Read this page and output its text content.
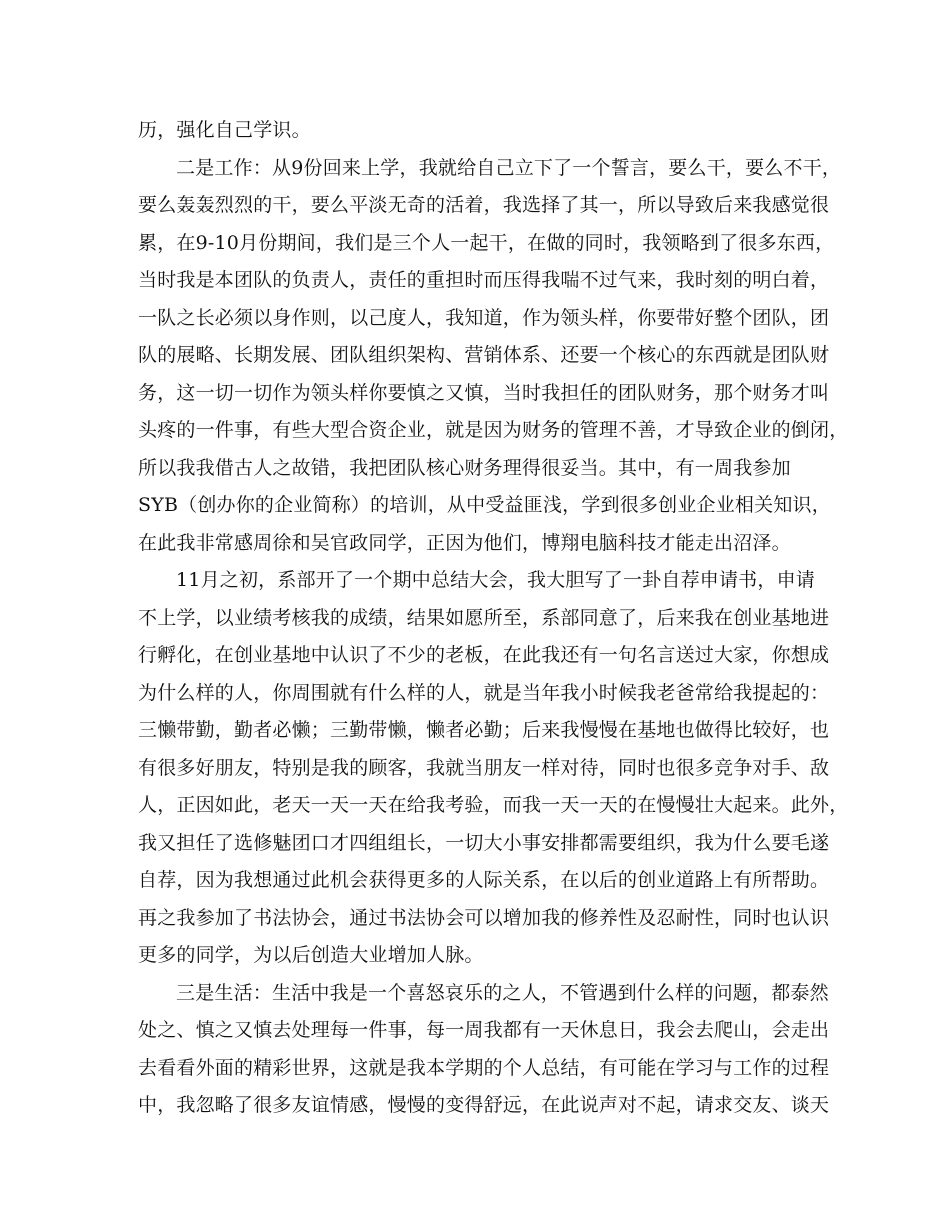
历，强化自己学识。

二是工作：从9份回来上学，我就给自己立下了一个誓言，要么干，要么不干，
要么轰轰烈烈的干，要么平淡无奇的活着，我选择了其一，所以导致后来我感觉很
累，在9-10月份期间，我们是三个人一起干，在做的同时，我领略到了很多东西，
当时我是本团队的负责人，责任的重担时而压得我喘不过气来，我时刻的明白着，
一队之长必须以身作则，以己度人，我知道，作为领头样，你要带好整个团队，团
队的展略、长期发展、团队组织架构、营销体系、还要一个核心的东西就是团队财
务，这一切一切作为领头样你要慎之又慎，当时我担任的团队财务，那个财务才叫
头疼的一件事，有些大型合资企业，就是因为财务的管理不善，才导致企业的倒闭，
所以我我借古人之故错，我把团队核心财务理得很妥当。其中，有一周我参加
SYB（创办你的企业简称）的培训，从中受益匪浅，学到很多创业企业相关知识，
在此我非常感周徐和吴官政同学，正因为他们，博翔电脑科技才能走出沼泽。

11月之初，系部开了一个期中总结大会，我大胆写了一卦自荐申请书，申请
不上学，以业绩考核我的成绩，结果如愿所至，系部同意了，后来我在创业基地进
行孵化，在创业基地中认识了不少的老板，在此我还有一句名言送过大家，你想成
为什么样的人，你周围就有什么样的人，就是当年我小时候我老爸常给我提起的：
三懒带勤，勤者必懒；三勤带懒，懒者必勤；后来我慢慢在基地也做得比较好，也
有很多好朋友，特别是我的顾客，我就当朋友一样对待，同时也很多竞争对手、敌
人，正因如此，老天一天一天在给我考验，而我一天一天的在慢慢壮大起来。此外，
我又担任了选修魅团口才四组组长，一切大小事安排都需要组织，我为什么要毛遂
自荐，因为我想通过此机会获得更多的人际关系，在以后的创业道路上有所帮助。
再之我参加了书法协会，通过书法协会可以增加我的修养性及忍耐性，同时也认识
更多的同学，为以后创造大业增加人脉。

三是生活：生活中我是一个喜怒哀乐的之人，不管遇到什么样的问题，都泰然
处之、慎之又慎去处理每一件事，每一周我都有一天休息日，我会去爬山，会走出
去看看外面的精彩世界，这就是我本学期的个人总结，有可能在学习与工作的过程
中，我忽略了很多友谊情感，慢慢的变得舒远，在此说声对不起，请求交友、谈天
